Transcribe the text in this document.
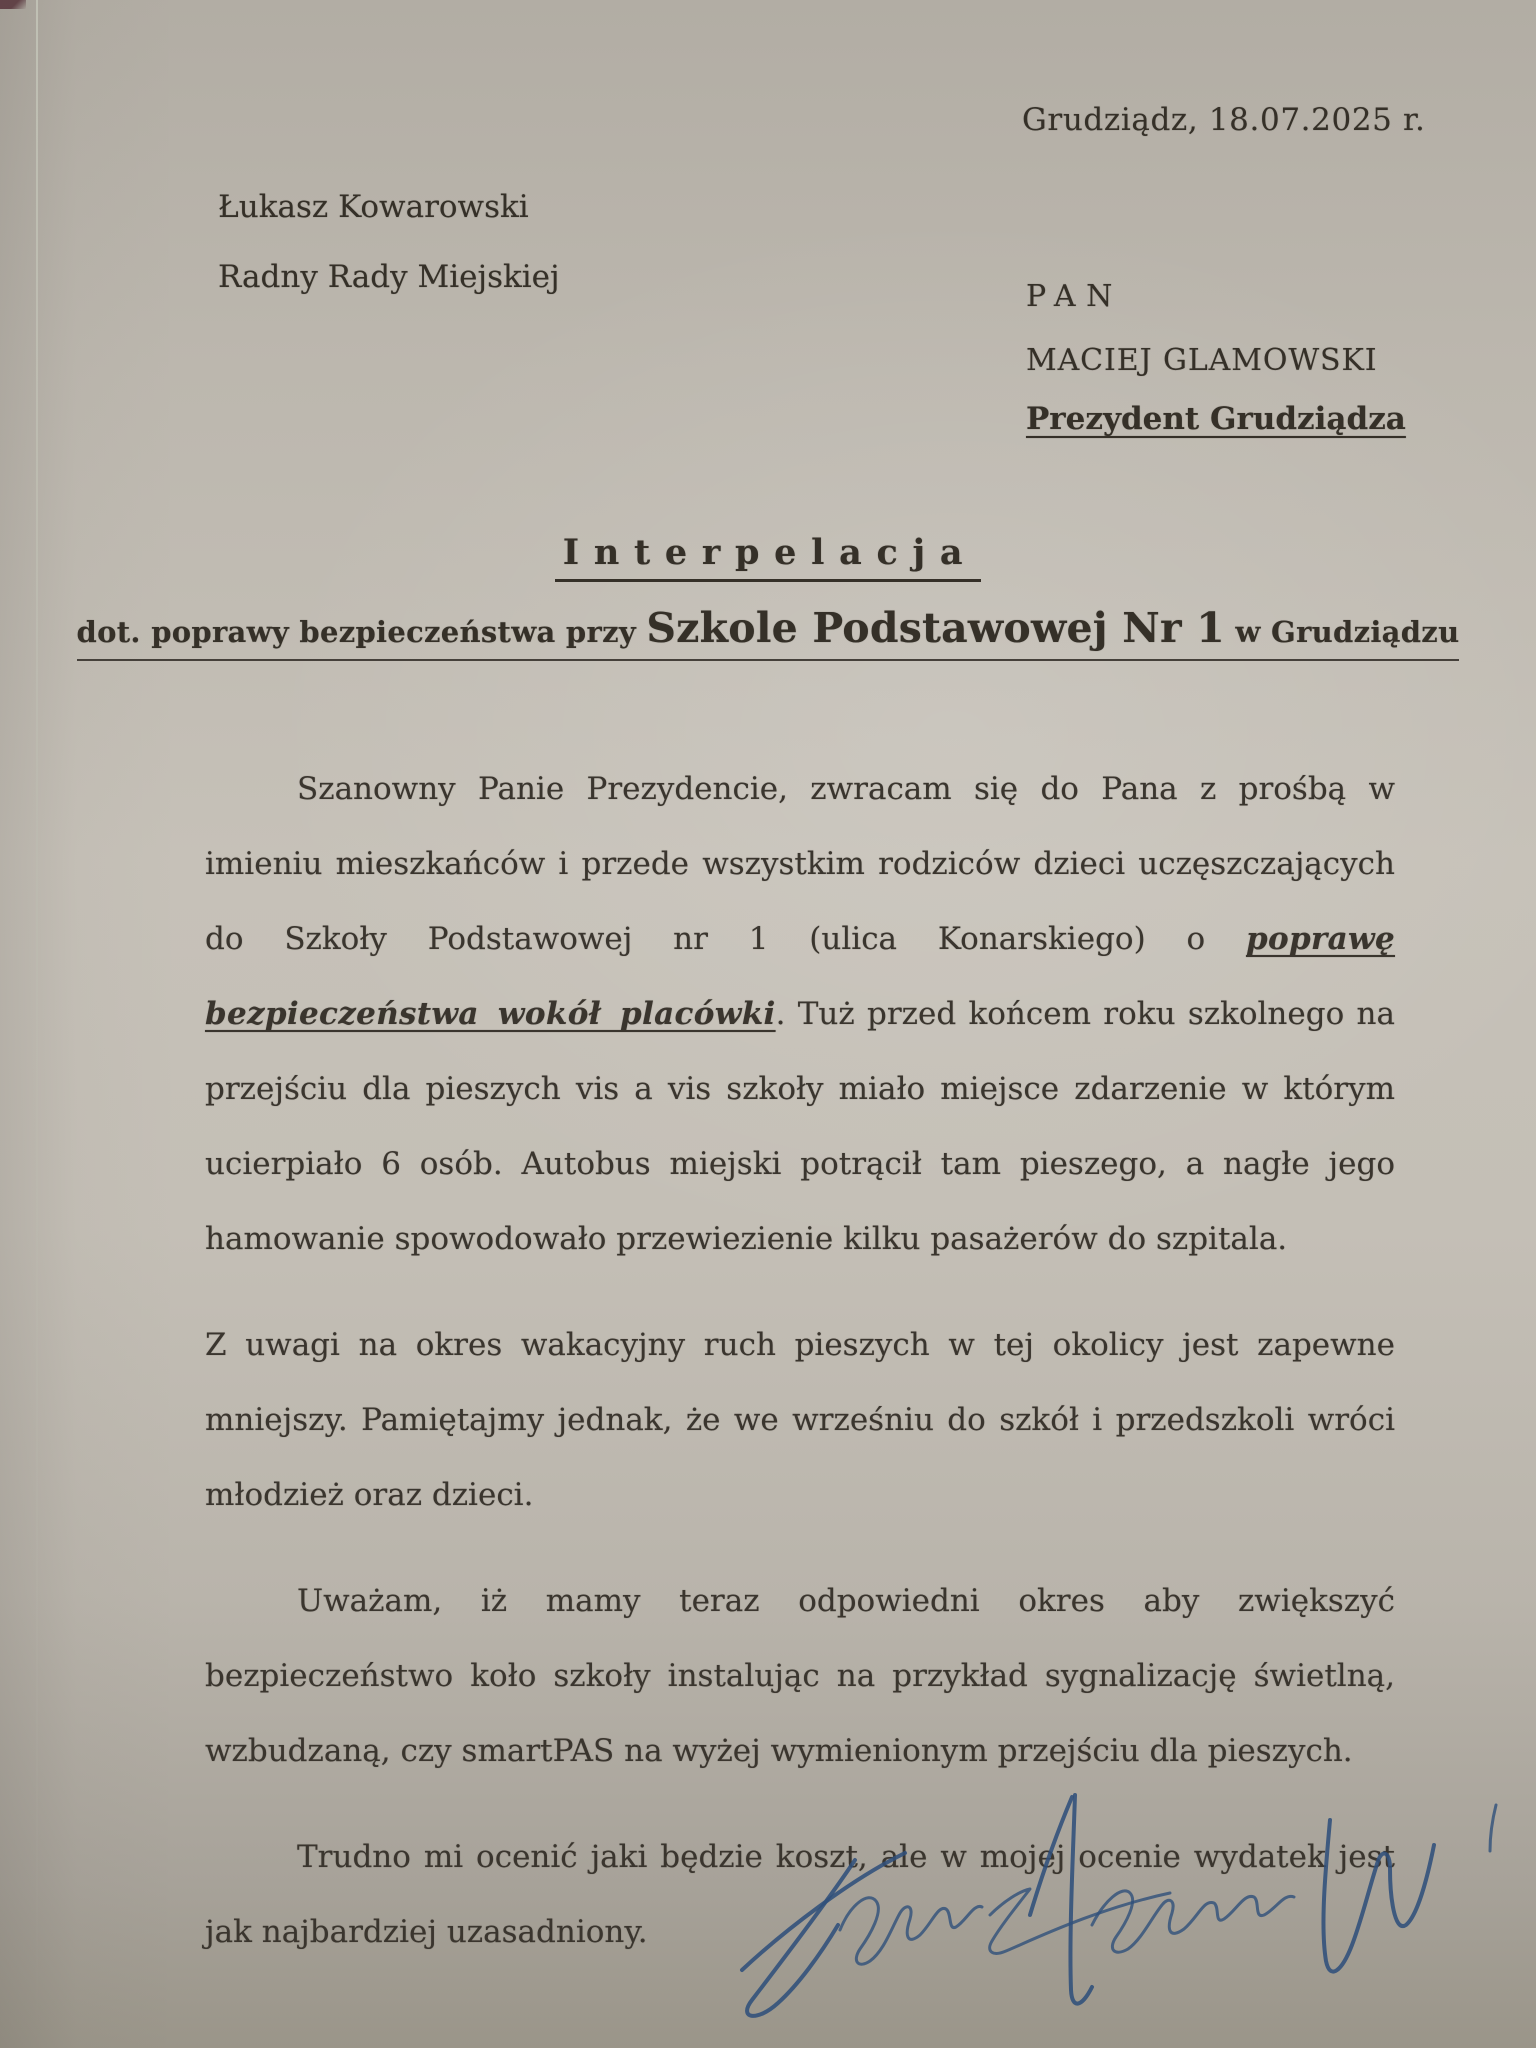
Grudziądz, 18.07.2025 r.
Łukasz Kowarowski
Radny Rady Miejskiej
PAN
MACIEJ GLAMOWSKI
Prezydent Grudziądza
Interpelacja
dot. poprawy bezpieczeństwa przy Szkole Podstawowej Nr 1 w Grudziądzu

Szanowny Panie Prezydencie, zwracam się do Pana z prośbą w imieniu mieszkańców i przede wszystkim rodziców dzieci uczęszczających do Szkoły Podstawowej nr 1 (ulica Konarskiego) o poprawę bezpieczeństwa wokół placówki. Tuż przed końcem roku szkolnego na przejściu dla pieszych vis a vis szkoły miało miejsce zdarzenie w którym ucierpiało 6 osób. Autobus miejski potrącił tam pieszego, a nagłe jego hamowanie spowodowało przewiezienie kilku pasażerów do szpitala.

Z uwagi na okres wakacyjny ruch pieszych w tej okolicy jest zapewne mniejszy. Pamiętajmy jednak, że we wrześniu do szkół i przedszkoli wróci młodzież oraz dzieci.

Uważam, iż mamy teraz odpowiedni okres aby zwiększyć bezpieczeństwo koło szkoły instalując na przykład sygnalizację świetlną, wzbudzaną, czy smartPAS na wyżej wymienionym przejściu dla pieszych.

Trudno mi ocenić jaki będzie koszt, ale w mojej ocenie wydatek jest jak najbardziej uzasadniony.
